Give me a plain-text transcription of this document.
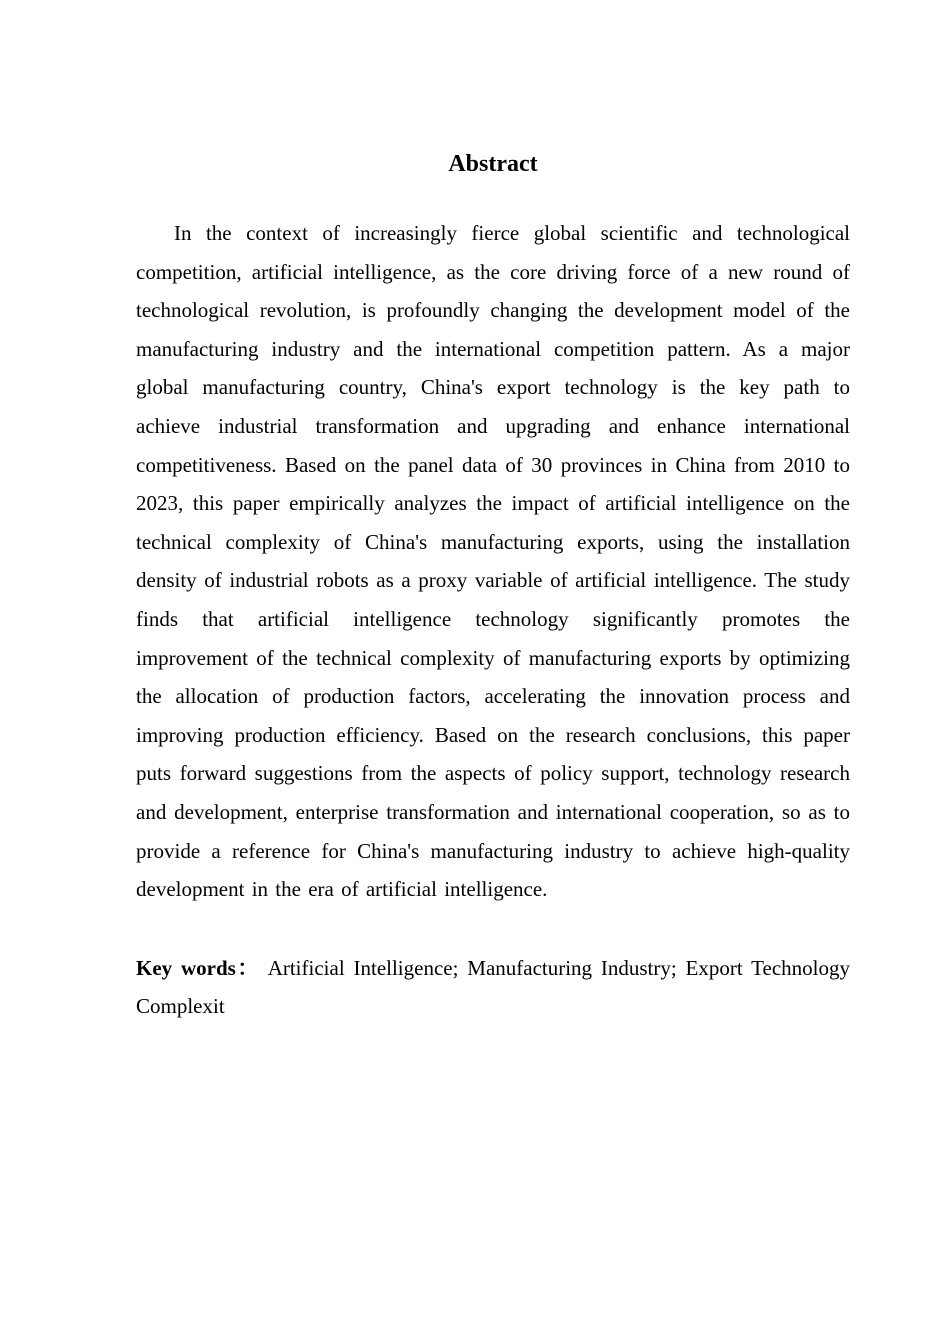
Abstract

In the context of increasingly fierce global scientific and technological competition, artificial intelligence, as the core driving force of a new round of technological revolution, is profoundly changing the development model of the manufacturing industry and the international competition pattern. As a major global manufacturing country, China's export technology is the key path to achieve industrial transformation and upgrading and enhance international competitiveness. Based on the panel data of 30 provinces in China from 2010 to 2023, this paper empirically analyzes the impact of artificial intelligence on the technical complexity of China's manufacturing exports, using the installation density of industrial robots as a proxy variable of artificial intelligence. The study finds that artificial intelligence technology significantly promotes the improvement of the technical complexity of manufacturing exports by optimizing the allocation of production factors, accelerating the innovation process and improving production efficiency. Based on the research conclusions, this paper puts forward suggestions from the aspects of policy support, technology research and development, enterprise transformation and international cooperation, so as to provide a reference for China's manufacturing industry to achieve high-quality development in the era of artificial intelligence.

Key words： Artificial Intelligence; Manufacturing Industry; Export Technology Complexit
